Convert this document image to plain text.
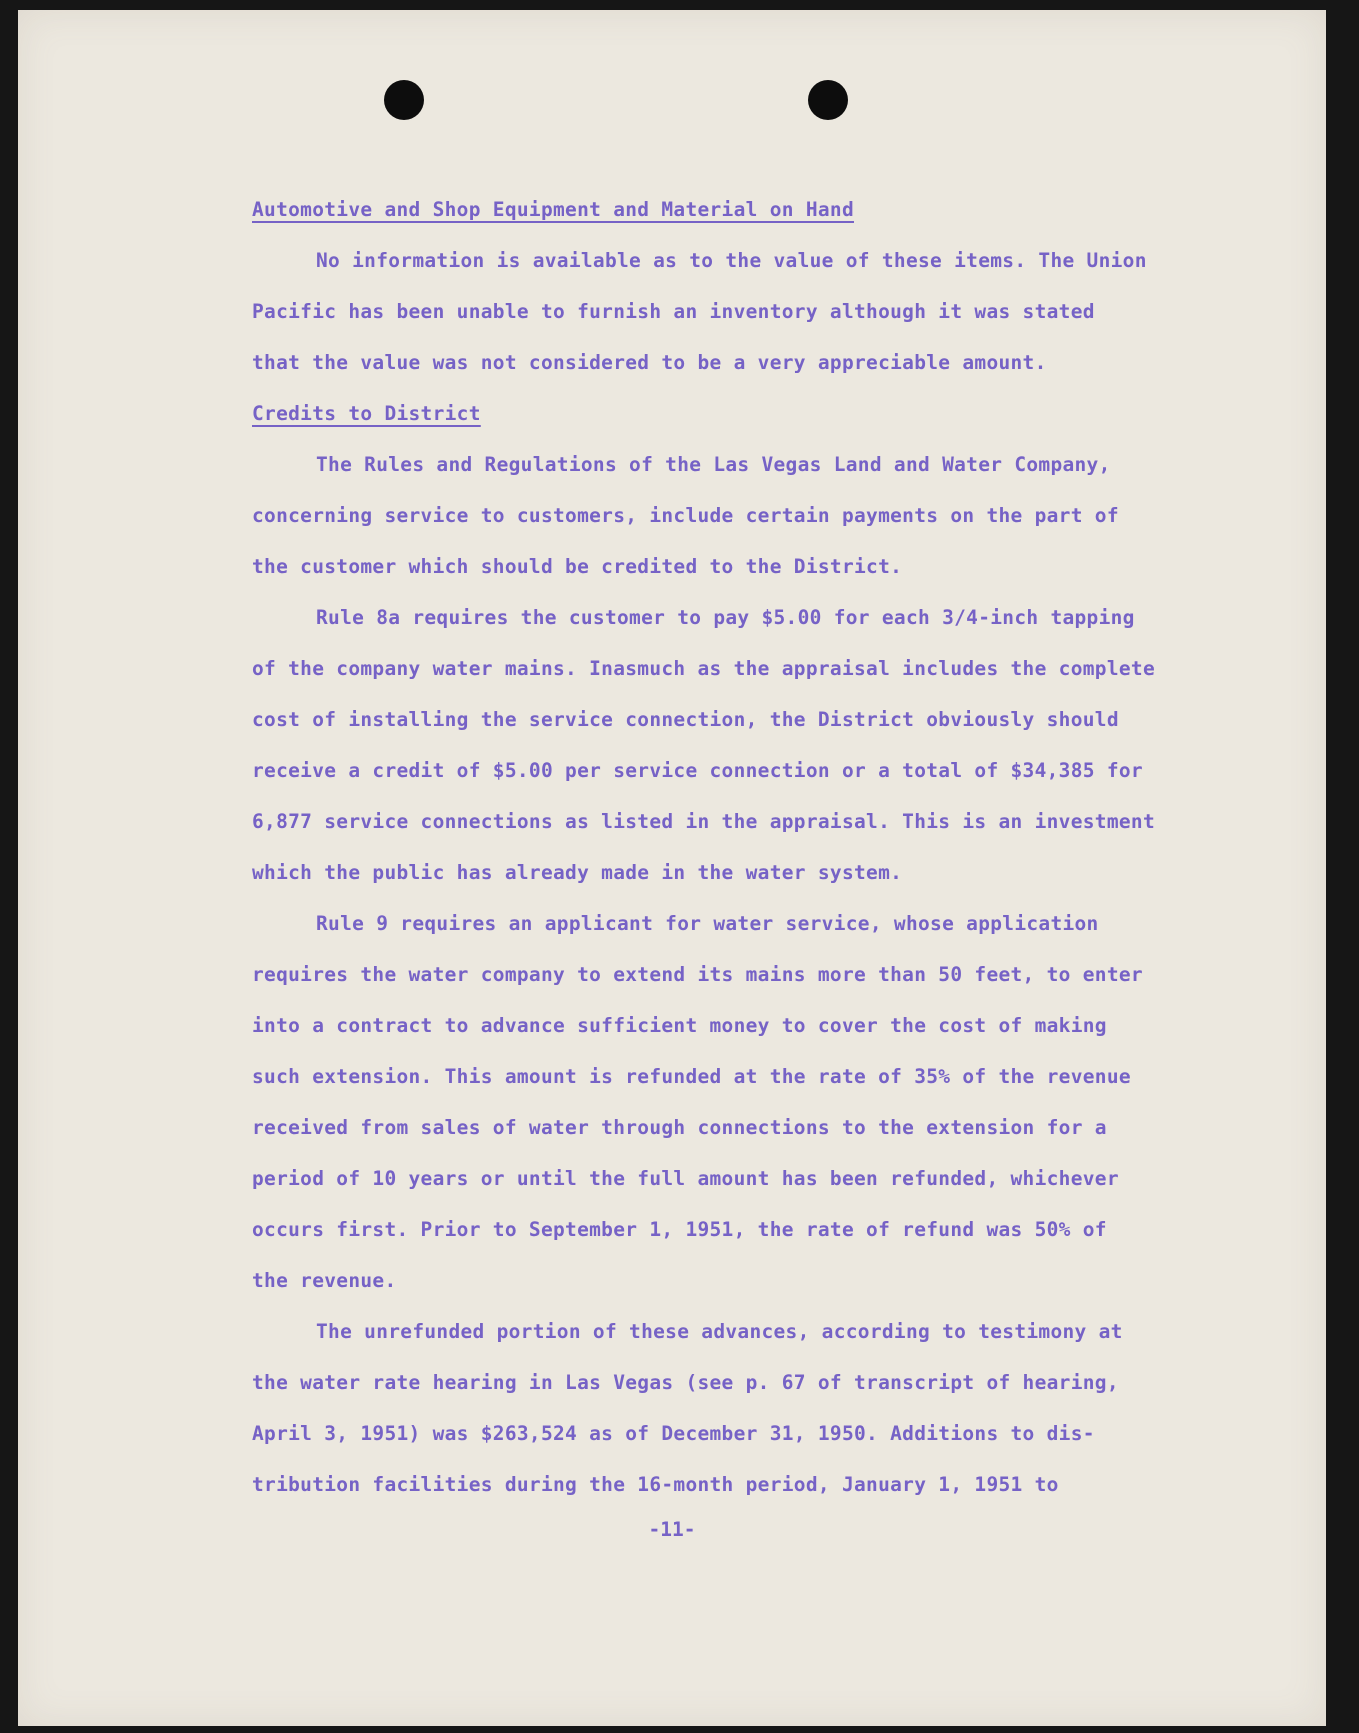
Automotive and Shop Equipment and Material on Hand
No information is available as to the value of these items. The Union
Pacific has been unable to furnish an inventory although it was stated
that the value was not considered to be a very appreciable amount.
Credits to District
The Rules and Regulations of the Las Vegas Land and Water Company,
concerning service to customers, include certain payments on the part of
the customer which should be credited to the District.
Rule 8a requires the customer to pay $5.00 for each 3/4-inch tapping
of the company water mains. Inasmuch as the appraisal includes the complete
cost of installing the service connection, the District obviously should
receive a credit of $5.00 per service connection or a total of $34,385 for
6,877 service connections as listed in the appraisal. This is an investment
which the public has already made in the water system.
Rule 9 requires an applicant for water service, whose application
requires the water company to extend its mains more than 50 feet, to enter
into a contract to advance sufficient money to cover the cost of making
such extension. This amount is refunded at the rate of 35% of the revenue
received from sales of water through connections to the extension for a
period of 10 years or until the full amount has been refunded, whichever
occurs first. Prior to September 1, 1951, the rate of refund was 50% of
the revenue.
The unrefunded portion of these advances, according to testimony at
the water rate hearing in Las Vegas (see p. 67 of transcript of hearing,
April 3, 1951) was $263,524 as of December 31, 1950. Additions to dis-
tribution facilities during the 16-month period, January 1, 1951 to
-11-
